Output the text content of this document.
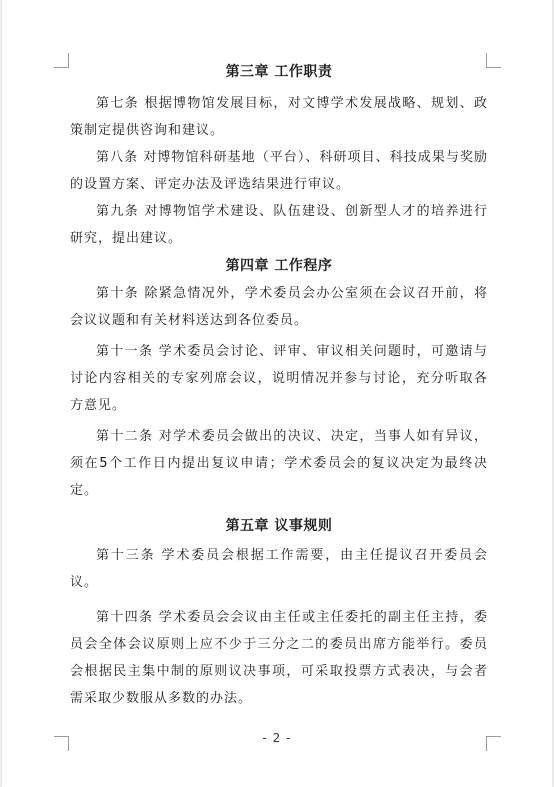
第三章 工作职责

第七条 根据博物馆发展目标，对文博学术发展战略、规划、政策制定提供咨询和建议。

第八条 对博物馆科研基地（平台）、科研项目、科技成果与奖励的设置方案、评定办法及评选结果进行审议。

第九条 对博物馆学术建设、队伍建设、创新型人才的培养进行研究，提出建议。

第四章 工作程序

第十条 除紧急情况外，学术委员会办公室须在会议召开前，将会议议题和有关材料送达到各位委员。

第十一条 学术委员会讨论、评审、审议相关问题时，可邀请与讨论内容相关的专家列席会议，说明情况并参与讨论，充分听取各方意见。

第十二条 对学术委员会做出的决议、决定，当事人如有异议，须在5个工作日内提出复议申请；学术委员会的复议决定为最终决定。

第五章 议事规则

第十三条 学术委员会根据工作需要，由主任提议召开委员会议。

第十四条 学术委员会会议由主任或主任委托的副主任主持，委员会全体会议原则上应不少于三分之二的委员出席方能举行。委员会根据民主集中制的原则议决事项，可采取投票方式表决，与会者需采取少数服从多数的办法。

- 2 -
